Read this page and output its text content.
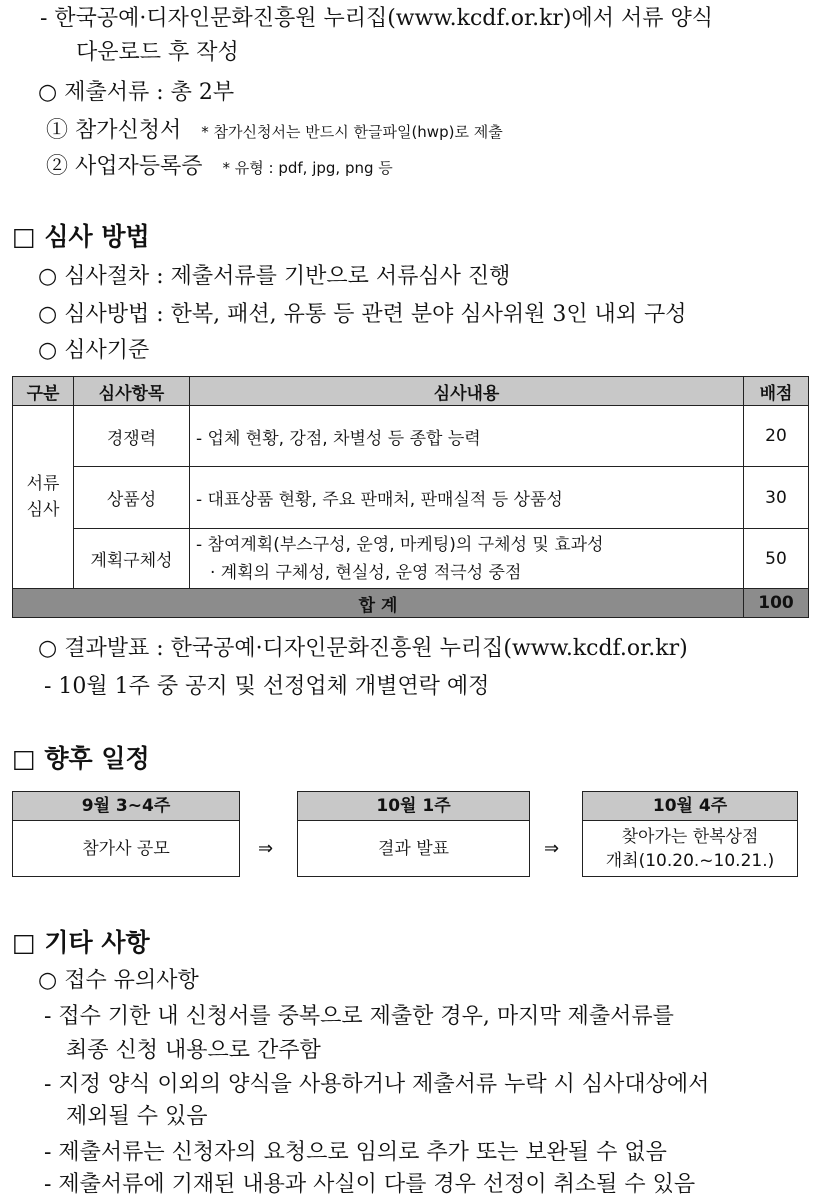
- 한국공예·디자인문화진흥원 누리집(www.kcdf.or.kr)에서 서류 양식
다운로드 후 작성
○ 제출서류 : 총 2부
① 참가신청서 * 참가신청서는 반드시 한글파일(hwp)로 제출
② 사업자등록증 * 유형 : pdf, jpg, png 등
□ 심사 방법
○ 심사절차 : 제출서류를 기반으로 서류심사 진행
○ 심사방법 : 한복, 패션, 유통 등 관련 분야 심사위원 3인 내외 구성
○ 심사기준
구분	심사항목	심사내용	배점
서류
심사	경쟁력	- 업체 현황, 강점, 차별성 등 종합 능력	20
	상품성	- 대표상품 현황, 주요 판매처, 판매실적 등 상품성	30
	계획구체성	- 참여계획(부스구성, 운영, 마케팅)의 구체성 및 효과성
· 계획의 구체성, 현실성, 운영 적극성 중점	50
합 계			100
○ 결과발표 : 한국공예·디자인문화진흥원 누리집(www.kcdf.or.kr)
- 10월 1주 중 공지 및 선정업체 개별연락 예정
□ 향후 일정
9월 3~4주
참가사 공모	⇒
10월 1주
결과 발표	⇒
10월 4주
찾아가는 한복상점
개최(10.20.~10.21.)
□ 기타 사항
○ 접수 유의사항
- 접수 기한 내 신청서를 중복으로 제출한 경우, 마지막 제출서류를
최종 신청 내용으로 간주함
- 지정 양식 이외의 양식을 사용하거나 제출서류 누락 시 심사대상에서
제외될 수 있음
- 제출서류는 신청자의 요청으로 임의로 추가 또는 보완될 수 없음
- 제출서류에 기재된 내용과 사실이 다를 경우 선정이 취소될 수 있음
